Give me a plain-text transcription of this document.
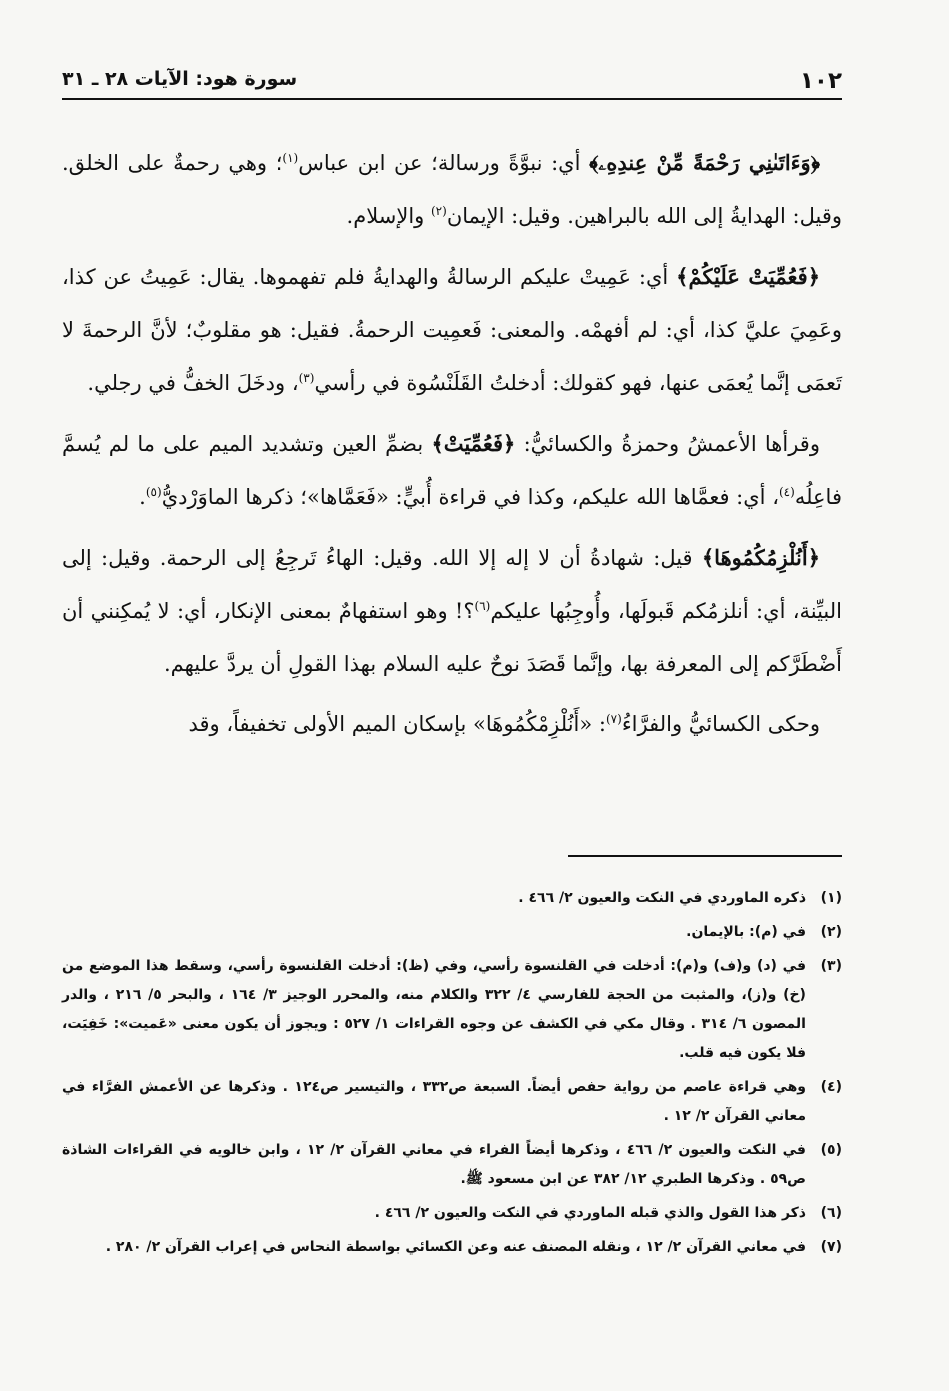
١٠٢
سورة هود: الآيات ٢٨ ـ ٣١

﴿وَءَاتَىٰنِي رَحْمَةً مِّنْ عِندِهِۦ﴾ أي: نبوَّةً ورسالة؛ عن ابن عباس$^{(١)}$؛ وهي رحمةٌ على الخلق. وقيل: الهدايةُ إلى الله بالبراهين. وقيل: الإيمان$^{(٢)}$ والإسلام.

﴿فَعُمِّيَتْ عَلَيْكُمْ﴾ أي: عَمِيتْ عليكم الرسالةُ والهدايةُ فلم تفهموها. يقال: عَمِيتُ عن كذا، وعَمِيَ عليَّ كذا، أي: لم أفهمْه. والمعنى: فَعمِيت الرحمةُ. فقيل: هو مقلوبٌ؛ لأنَّ الرحمةَ لا تَعمَى إنَّما يُعمَى عنها، فهو كقولك: أدخلتُ القَلَنْسُوة في رأسي$^{(٣)}$، ودخَلَ الخفُّ في رجلي.

وقرأها الأعمشُ وحمزةُ والكسائيُّ: ﴿فَعُمِّيَتْ﴾ بضمِّ العين وتشديد الميم على ما لم يُسمَّ فاعِلُه$^{(٤)}$، أي: فعمَّاها الله عليكم، وكذا في قراءة أُبيٍّ: «فَعَمَّاها»؛ ذكرها الماوَرْديُّ$^{(٥)}$.

﴿أَنُلْزِمُكُمُوهَا﴾ قيل: شهادةُ أن لا إله إلا الله. وقيل: الهاءُ تَرجِعُ إلى الرحمة. وقيل: إلى البيِّنة، أي: أنلزمُكم قَبولَها، وأُوجِبُها عليكم$^{(٦)}$؟! وهو استفهامٌ بمعنى الإنكار، أي: لا يُمكِنني أن أَضْطَرَّكم إلى المعرفة بها، وإنَّما قَصَدَ نوحٌ عليه السلام بهذا القولِ أن يردَّ عليهم.

وحكى الكسائيُّ والفرَّاءُ$^{(٧)}$: «أَنُلْزِمْكُمُوهَا» بإسكان الميم الأولى تخفيفاً، وقد

(١)
ذكره الماوردي في النكت والعيون ٢/ ٤٦٦ .
(٢)
في (م): بالإيمان.
(٣)
في (د) و(ف) و(م): أدخلت في القلنسوة رأسي، وفي (ظ): أدخلت القلنسوة رأسي، وسقط هذا الموضع من (خ) و(ز)، والمثبت من الحجة للفارسي ٤/ ٣٢٢ والكلام منه، والمحرر الوجيز ٣/ ١٦٤ ، والبحر ٥/ ٢١٦ ، والدر المصون ٦/ ٣١٤ . وقال مكي في الكشف عن وجوه القراءات ١/ ٥٢٧ : ويجوز أن يكون معنى «عَميت»: خَفِيَت، فلا يكون فيه قلب.
(٤)
وهي قراءة عاصم من رواية حفص أيضاً. السبعة ص٣٣٢ ، والتيسير ص١٢٤ . وذكرها عن الأعمش الفرَّاء في معاني القرآن ٢/ ١٢ .
(٥)
في النكت والعيون ٢/ ٤٦٦ ، وذكرها أيضاً الفراء في معاني القرآن ٢/ ١٢ ، وابن خالويه في القراءات الشاذة ص٥٩ . وذكرها الطبري ١٢/ ٣٨٢ عن ابن مسعود ﷺ.
(٦)
ذكر هذا القول والذي قبله الماوردي في النكت والعيون ٢/ ٤٦٦ .
(٧)
في معاني القرآن ٢/ ١٢ ، ونقله المصنف عنه وعن الكسائي بواسطة النحاس في إعراب القرآن ٢/ ٢٨٠ .
